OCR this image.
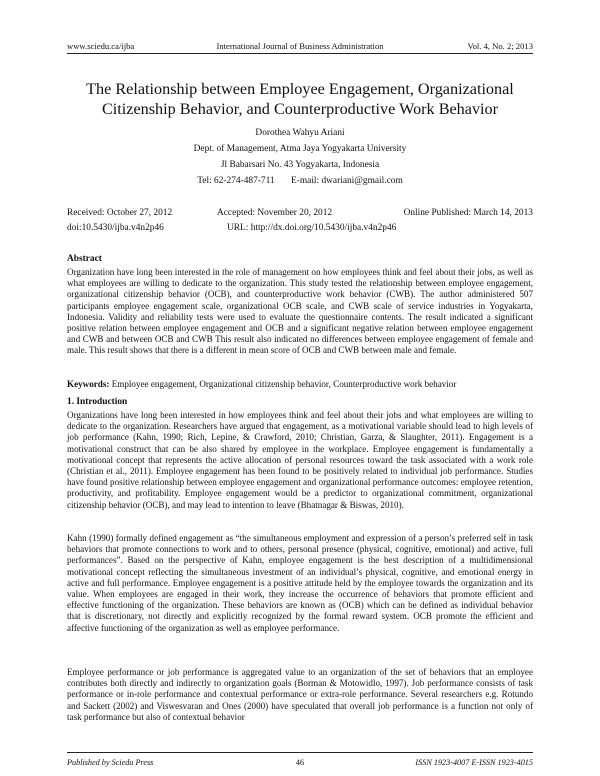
www.sciedu.ca/ijba	International Journal of Business Administration	Vol. 4, No. 2; 2013
The Relationship between Employee Engagement, Organizational
Citizenship Behavior, and Counterproductive Work Behavior
Dorothea Wahyu Ariani
Dept. of Management, Atma Jaya Yogyakarta University
Jl Babarsari No. 43 Yogyakarta, Indonesia
Tel: 62-274-487-711 E-mail: dwariani@gmail.com
Received: October 27, 2012	Accepted: November 20, 2012	Online Published: March 14, 2013
doi:10.5430/ijba.v4n2p46	URL: http://dx.doi.org/10.5430/ijba.v4n2p46
Abstract

Organization have long been interested in the role of management on how employees think and feel about their jobs, as well as what employees are willing to dedicate to the organization. This study tested the relationship between employee engagement, organizational citizenship behavior (OCB), and counterproductive work behavior (CWB). The author administered 507 participants employee engagement scale, organizational OCB scale, and CWB scale of service industries in Yogyakarta, Indonesia. Validity and reliability tests were used to evaluate the questionnaire contents. The result indicated a significant positive relation between employee engagement and OCB and a significant negative relation between employee engagement and CWB and between OCB and CWB This result also indicated no differences between employee engagement of female and male. This result shows that there is a different in mean score of OCB and CWB between male and female.

Keywords: Employee engagement, Organizational citizenship behavior, Counterproductive work behavior
1. Introduction

Organizations have long been interested in how employees think and feel about their jobs and what employees are willing to dedicate to the organization. Researchers have argued that engagement, as a motivational variable should lead to high levels of job performance (Kahn, 1990; Rich, Lepine, & Crawford, 2010; Christian, Garza, & Slaughter, 2011). Engagement is a motivational construct that can be also shared by employee in the workplace. Employee engagement is fundamentally a motivational concept that represents the active allocation of personal resources toward the task associated with a work role (Christian et al., 2011). Employee engagement has been found to be positively related to individual job performance. Studies have found positive relationship between employee engagement and organizational performance outcomes: employee retention, productivity, and profitability. Employee engagement would be a predictor to organizational commitment, organizational citizenship behavior (OCB), and may lead to intention to leave (Bhatnagar & Biswas, 2010).

Kahn (1990) formally defined engagement as “the simultaneous employment and expression of a person’s preferred self in task behaviors that promote connections to work and to others, personal presence (physical, cognitive, emotional) and active, full performances”. Based on the perspective of Kahn, employee engagement is the best description of a multidimensional motivational concept reflecting the simultaneous investment of an individual’s physical, cognitive, and emotional energy in active and full performance. Employee engagement is a positive attitude held by the employee towards the organization and its value. When employees are engaged in their work, they increase the occurrence of behaviors that promote efficient and effective functioning of the organization. These behaviors are known as (OCB) which can be defined as individual behavior that is discretionary, not directly and explicitly recognized by the formal reward system. OCB promote the efficient and affective functioning of the organization as well as employee performance.

Employee performance or job performance is aggregated value to an organization of the set of behaviors that an employee contributes both directly and indirectly to organization goals (Borman & Motowidlo, 1997). Job performance consists of task performance or in-role performance and contextual performance or extra-role performance. Several researchers e.g. Rotundo and Sackett (2002) and Viswesvaran and Ones (2000) have speculated that overall job performance is a function not only of task performance but also of contextual behavior

Published by Sciedu Press	46	ISSN 1923-4007 E-ISSN 1923-4015
